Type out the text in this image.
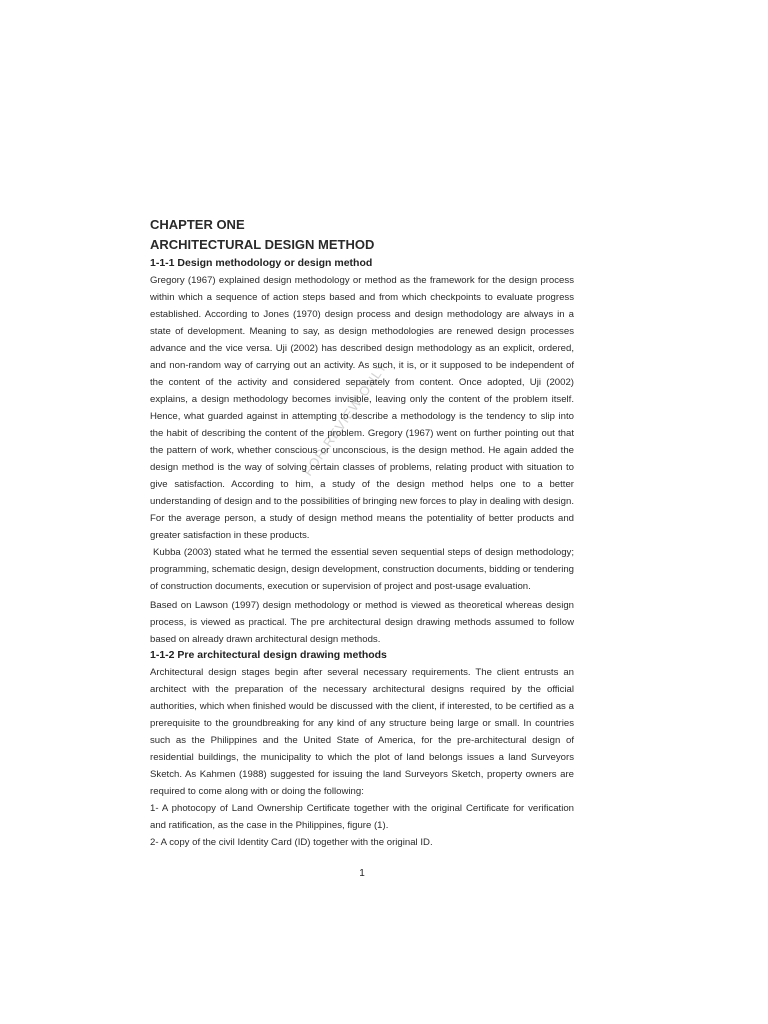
FOR REVIEW ONLY
CHAPTER ONE
ARCHITECTURAL DESIGN METHOD
1-1-1 Design methodology or design method

Gregory (1967) explained design methodology or method as the framework for the design process within which a sequence of action steps based and from which checkpoints to evaluate progress established. According to Jones (1970) design process and design methodology are always in a state of development. Meaning to say, as design methodologies are renewed design processes advance and the vice versa. Uji (2002) has described design methodology as an explicit, ordered, and non-random way of carrying out an activity. As such, it is, or it supposed to be independent of the content of the activity and considered separately from content. Once adopted, Uji (2002) explains, a design methodology becomes invisible, leaving only the content of the problem itself. Hence, what guarded against in attempting to describe a methodology is the tendency to slip into the habit of describing the content of the problem. Gregory (1967) went on further pointing out that the pattern of work, whether conscious or unconscious, is the design method. He again added the design method is the way of solving certain classes of problems, relating product with situation to give satisfaction. According to him, a study of the design method helps one to a better understanding of design and to the possibilities of bringing new forces to play in dealing with design. For the average person, a study of design method means the potentiality of better products and greater satisfaction in these products.

Kubba (2003) stated what he termed the essential seven sequential steps of design methodology; programming, schematic design, design development, construction documents, bidding or tendering of construction documents, execution or supervision of project and post-usage evaluation.

Based on Lawson (1997) design methodology or method is viewed as theoretical whereas design process, is viewed as practical. The pre architectural design drawing methods assumed to follow based on already drawn architectural design methods.

1-1-2 Pre architectural design drawing methods

Architectural design stages begin after several necessary requirements. The client entrusts an architect with the preparation of the necessary architectural designs required by the official authorities, which when finished would be discussed with the client, if interested, to be certified as a prerequisite to the groundbreaking for any kind of any structure being large or small. In countries such as the Philippines and the United State of America, for the pre-architectural design of residential buildings, the municipality to which the plot of land belongs issues a land Surveyors Sketch. As Kahmen (1988) suggested for issuing the land Surveyors Sketch, property owners are required to come along with or doing the following:

1- A photocopy of Land Ownership Certificate together with the original Certificate for verification and ratification, as the case in the Philippines, figure (1).

2- A copy of the civil Identity Card (ID) together with the original ID.

1
